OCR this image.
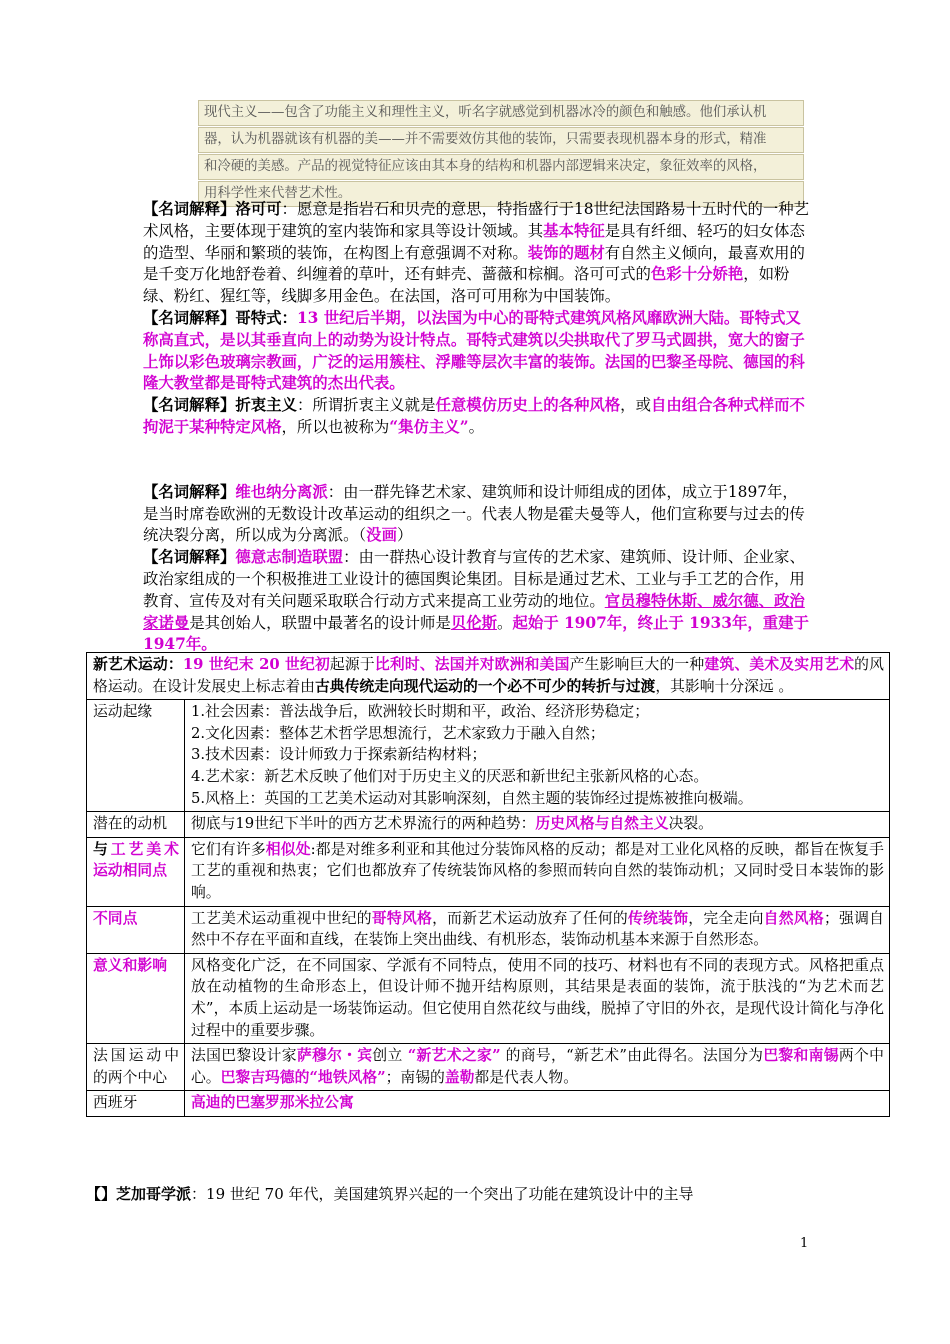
现代主义——包含了功能主义和理性主义，听名字就感觉到机器冰冷的颜色和触感。他们承认机
器，认为机器就该有机器的美——并不需要效仿其他的装饰，只需要表现机器本身的形式，精准
和冷硬的美感。产品的视觉特征应该由其本身的结构和机器内部逻辑来决定，象征效率的风格，
用科学性来代替艺术性。

【名词解释】洛可可：愿意是指岩石和贝壳的意思，特指盛行于18世纪法国路易十五时代的一种艺术风格，主要体现于建筑的室内装饰和家具等设计领域。其基本特征是具有纤细、轻巧的妇女体态的造型、华丽和繁琐的装饰，在构图上有意强调不对称。装饰的题材有自然主义倾向，最喜欢用的是千变万化地舒卷着、纠缠着的草叶，还有蚌壳、蔷薇和棕榈。洛可可式的色彩十分娇艳，如粉绿、粉红、猩红等，线脚多用金色。在法国，洛可可用称为中国装饰。

【名词解释】哥特式：13 世纪后半期，以法国为中心的哥特式建筑风格风靡欧洲大陆。哥特式又称高直式，是以其垂直向上的动势为设计特点。哥特式建筑以尖拱取代了罗马式圆拱，宽大的窗子上饰以彩色玻璃宗教画，广泛的运用簇柱、浮雕等层次丰富的装饰。法国的巴黎圣母院、德国的科隆大教堂都是哥特式建筑的杰出代表。

【名词解释】折衷主义：所谓折衷主义就是任意模仿历史上的各种风格，或自由组合各种式样而不拘泥于某种特定风格，所以也被称为“集仿主义”。

【名词解释】维也纳分离派：由一群先锋艺术家、建筑师和设计师组成的团体，成立于1897年，是当时席卷欧洲的无数设计改革运动的组织之一。代表人物是霍夫曼等人，他们宣称要与过去的传统决裂分离，所以成为分离派。（没画）

【名词解释】德意志制造联盟：由一群热心设计教育与宣传的艺术家、建筑师、设计师、企业家、政治家组成的一个积极推进工业设计的德国舆论集团。目标是通过艺术、工业与手工艺的合作，用教育、宣传及对有关问题采取联合行动方式来提高工业劳动的地位。官员穆特休斯、威尔德、政治家诺曼是其创始人，联盟中最著名的设计师是贝伦斯。起始于 1907年，终止于 1933年，重建于 1947年。

新艺术运动：19 世纪末 20 世纪初起源于比利时、法国并对欧洲和美国产生影响巨大的一种建筑、美术及实用艺术的风格运动。在设计发展史上标志着由古典传统走向现代运动的一个必不可少的转折与过渡，其影响十分深远 。	
运动起缘	1.社会因素：普法战争后，欧洲较长时期和平，政治、经济形势稳定；
2.文化因素：整体艺术哲学思想流行，艺术家致力于融入自然；
3.技术因素：设计师致力于探索新结构材料；
4.艺术家：新艺术反映了他们对于历史主义的厌恶和新世纪主张新风格的心态。
5.风格上：英国的工艺美术运动对其影响深刻，自然主题的装饰经过提炼被推向极端。

潜在的动机	彻底与19世纪下半叶的西方艺术界流行的两种趋势：历史风格与自然主义决裂。
与工艺美术运动相同点	它们有许多相似处:都是对维多利亚和其他过分装饰风格的反动；都是对工业化风格的反映，都旨在恢复手工艺的重视和热衷；它们也都放弃了传统装饰风格的参照而转向自然的装饰动机；又同时受日本装饰的影响。
不同点	工艺美术运动重视中世纪的哥特风格，而新艺术运动放弃了任何的传统装饰，完全走向自然风格；强调自然中不存在平面和直线，在装饰上突出曲线、有机形态，装饰动机基本来源于自然形态。
意义和影响	风格变化广泛，在不同国家、学派有不同特点，使用不同的技巧、材料也有不同的表现方式。风格把重点放在动植物的生命形态上，但设计师不抛开结构原则，其结果是表面的装饰，流于肤浅的“为艺术而艺术”，本质上运动是一场装饰运动。但它使用自然花纹与曲线，脱掉了守旧的外衣，是现代设计简化与净化过程中的重要步骤。
法国运动中的两个中心	法国巴黎设计家萨穆尔・宾创立 “新艺术之家” 的商号，“新艺术”由此得名。法国分为巴黎和南锡两个中心。巴黎吉玛德的“地铁风格”；南锡的盖勒都是代表人物。
西班牙	高迪的巴塞罗那米拉公寓
【】芝加哥学派：19 世纪 70 年代，美国建筑界兴起的一个突出了功能在建筑设计中的主导
1
